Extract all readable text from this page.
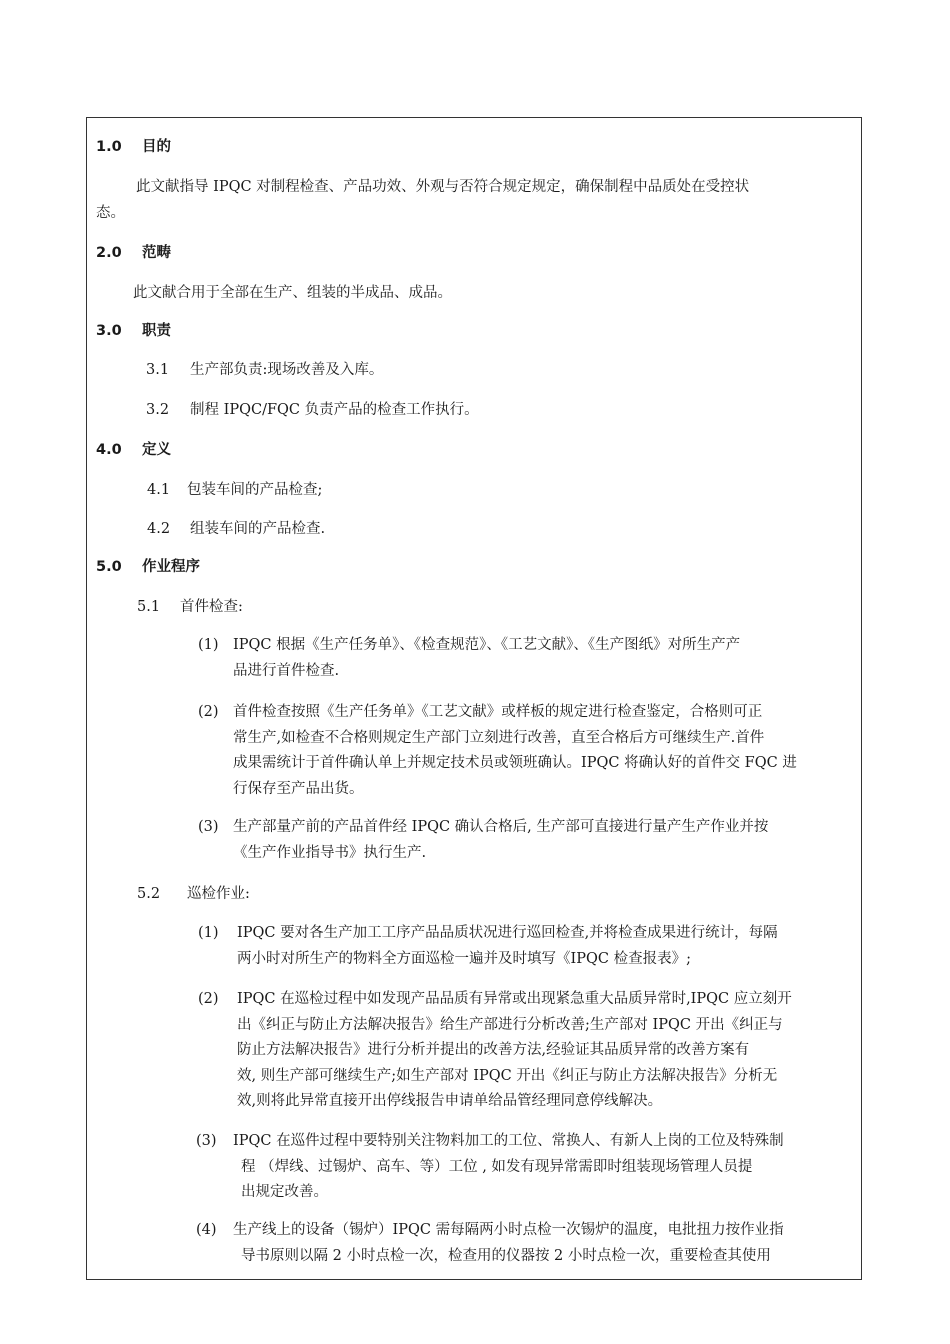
1.0 目的
此文献指导 IPQC 对制程检查、产品功效、外观与否符合规定规定，确保制程中品质处在受控状
态。
2.0 范畴
此文献合用于全部在生产、组装的半成品、成品。
3.0 职责
3.1 生产部负责:现场改善及入库。
3.2 制程 IPQC/FQC 负责产品的检查工作执行。
4.0 定义
4.1 包装车间的产品检查;
4.2 组装车间的产品检查.
5.0 作业程序
5.1 首件检查:
(1) IPQC 根据《生产任务单》、《检查规范》、《工艺文献》、《生产图纸》对所生产产
品进行首件检查.
(2) 首件检查按照《生产任务单》《工艺文献》或样板的规定进行检查鉴定，合格则可正
常生产,如检查不合格则规定生产部门立刻进行改善，直至合格后方可继续生产.首件
成果需统计于首件确认单上并规定技术员或领班确认。IPQC 将确认好的首件交 FQC 进
行保存至产品出货。
(3) 生产部量产前的产品首件经 IPQC 确认合格后, 生产部可直接进行量产生产作业并按
《生产作业指导书》执行生产.
5.2 巡检作业:
(1) IPQC 要对各生产加工工序产品品质状况进行巡回检查,并将检查成果进行统计，每隔
两小时对所生产的物料全方面巡检一遍并及时填写《IPQC 检查报表》;
(2) IPQC 在巡检过程中如发现产品品质有异常或出现紧急重大品质异常时,IPQC 应立刻开
出《纠正与防止方法解决报告》给生产部进行分析改善;生产部对 IPQC 开出《纠正与
防止方法解决报告》进行分析并提出的改善方法,经验证其品质异常的改善方案有
效, 则生产部可继续生产;如生产部对 IPQC 开出《纠正与防止方法解决报告》分析无
效,则将此异常直接开出停线报告申请单给品管经理同意停线解决。
(3) IPQC 在巡件过程中要特别关注物料加工的工位、常换人、有新人上岗的工位及特殊制
程 （焊线、过锡炉、高车、等）工位 , 如发有现异常需即时组装现场管理人员提
出规定改善。
(4) 生产线上的设备（锡炉）IPQC 需每隔两小时点检一次锡炉的温度，电批扭力按作业指
导书原则以隔 2 小时点检一次，检查用的仪器按 2 小时点检一次，重要检查其使用
